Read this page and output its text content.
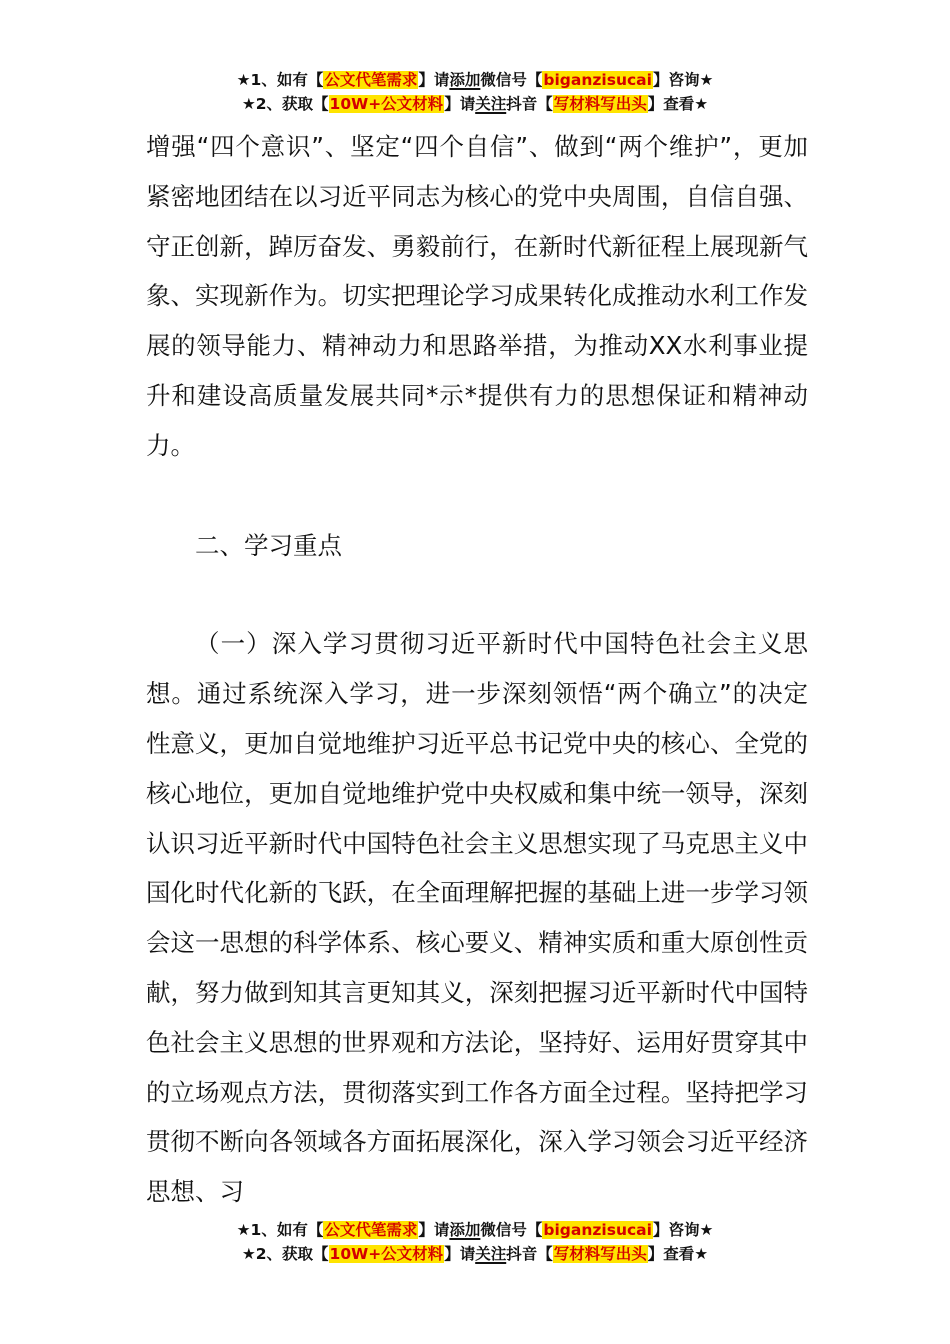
★1、如有【公文代笔需求】请添加微信号【biganzisucai】咨询★
★2、获取【10W+公文材料】请关注抖音【写材料写出头】查看★

增强“四个意识”、坚定“四个自信”、做到“两个维护”，更加紧密地团结在以习近平同志为核心的党中央周围，自信自强、守正创新，踔厉奋发、勇毅前行，在新时代新征程上展现新气象、实现新作为。切实把理论学习成果转化成推动水利工作发展的领导能力、精神动力和思路举措，为推动XX水利事业提升和建设高质量发展共同*示*提供有力的思想保证和精神动力。

二、学习重点

（一）深入学习贯彻习近平新时代中国特色社会主义思想。通过系统深入学习，进一步深刻领悟“两个确立”的决定性意义，更加自觉地维护习近平总书记党中央的核心、全党的核心地位，更加自觉地维护党中央权威和集中统一领导，深刻认识习近平新时代中国特色社会主义思想实现了马克思主义中国化时代化新的飞跃，在全面理解把握的基础上进一步学习领会这一思想的科学体系、核心要义、精神实质和重大原创性贡献，努力做到知其言更知其义，深刻把握习近平新时代中国特色社会主义思想的世界观和方法论，坚持好、运用好贯穿其中的立场观点方法，贯彻落实到工作各方面全过程。坚持把学习贯彻不断向各领域各方面拓展深化，深入学习领会习近平经济思想、习

★1、如有【公文代笔需求】请添加微信号【biganzisucai】咨询★
★2、获取【10W+公文材料】请关注抖音【写材料写出头】查看★
